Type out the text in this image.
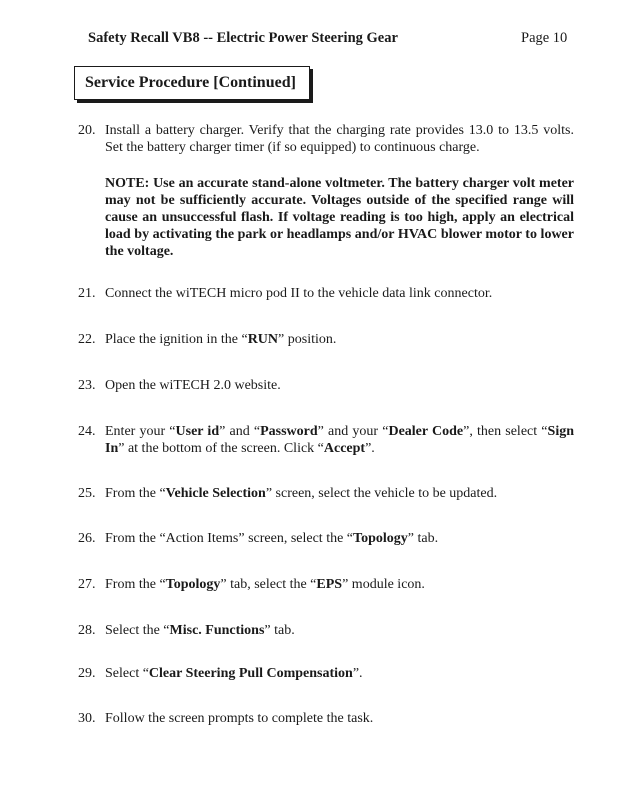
Safety Recall VB8 -- Electric Power Steering Gear	Page 10
Service Procedure [Continued]
20. Install a battery charger. Verify that the charging rate provides 13.0 to 13.5 volts. Set the battery charger timer (if so equipped) to continuous charge.
NOTE: Use an accurate stand-alone voltmeter. The battery charger volt meter may not be sufficiently accurate. Voltages outside of the specified range will cause an unsuccessful flash. If voltage reading is too high, apply an electrical load by activating the park or headlamps and/or HVAC blower motor to lower the voltage.
21. Connect the wiTECH micro pod II to the vehicle data link connector.
22. Place the ignition in the “RUN” position.
23. Open the wiTECH 2.0 website.
24. Enter your “User id” and “Password” and your “Dealer Code”, then select “Sign In” at the bottom of the screen. Click “Accept”.
25. From the “Vehicle Selection” screen, select the vehicle to be updated.
26. From the “Action Items” screen, select the “Topology” tab.
27. From the “Topology” tab, select the “EPS” module icon.
28. Select the “Misc. Functions” tab.
29. Select “Clear Steering Pull Compensation”.
30. Follow the screen prompts to complete the task.
